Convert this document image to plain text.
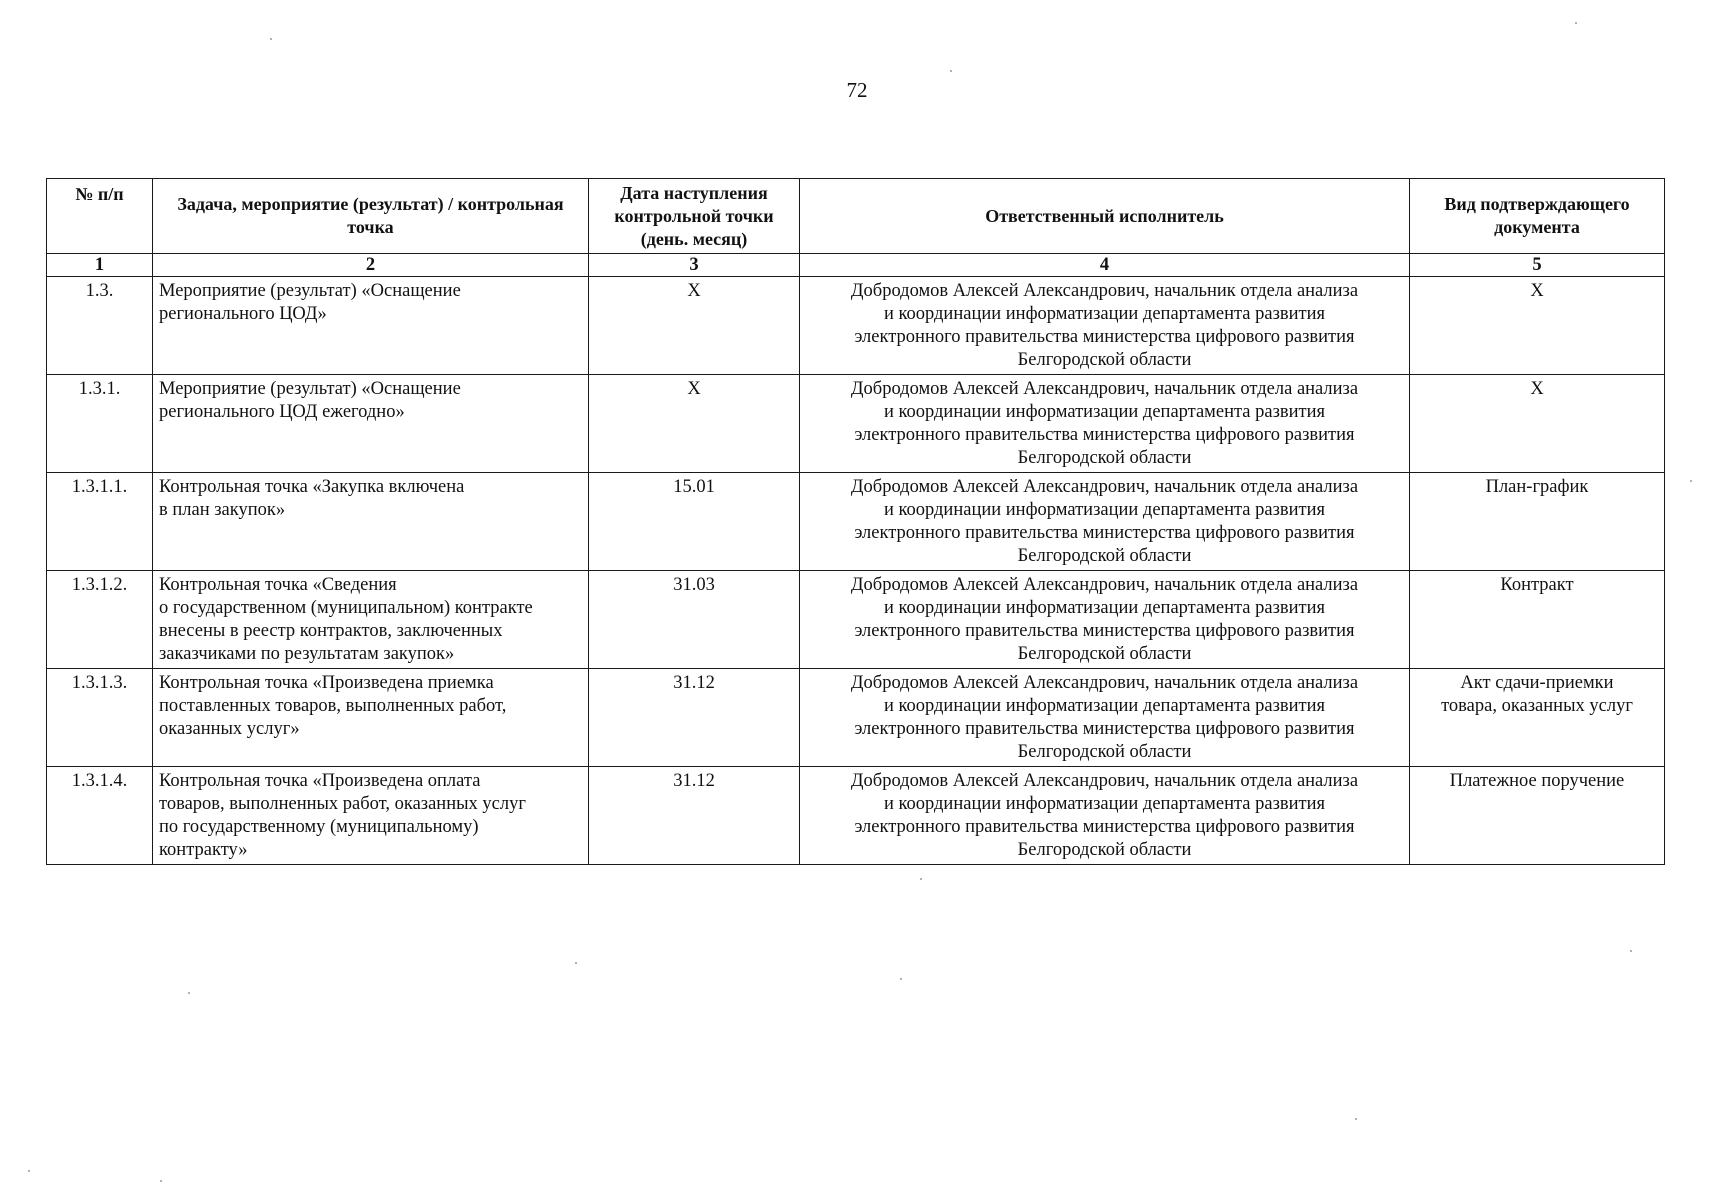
72
№ п/п	Задача, мероприятие (результат) / контрольная точка	Дата наступления контрольной точки (день. месяц)	Ответственный исполнитель	Вид подтверждающего документа
1	2	3	4	5
1.3.	Мероприятие (результат) «Оснащение
регионального ЦОД»	Х	Добродомов Алексей Александрович, начальник отдела анализа
и координации информатизации департамента развития
электронного правительства министерства цифрового развития
Белгородской области	Х

1.3.1.	Мероприятие (результат) «Оснащение
регионального ЦОД ежегодно»	Х	Добродомов Алексей Александрович, начальник отдела анализа
и координации информатизации департамента развития
электронного правительства министерства цифрового развития
Белгородской области	Х

1.3.1.1.	Контрольная точка «Закупка включена
в план закупок»	15.01	Добродомов Алексей Александрович, начальник отдела анализа
и координации информатизации департамента развития
электронного правительства министерства цифрового развития
Белгородской области	План-график

1.3.1.2.	Контрольная точка «Сведения
о государственном (муниципальном) контракте
внесены в реестр контрактов, заключенных
заказчиками по результатам закупок»	31.03	Добродомов Алексей Александрович, начальник отдела анализа
и координации информатизации департамента развития
электронного правительства министерства цифрового развития
Белгородской области	Контракт

1.3.1.3.	Контрольная точка «Произведена приемка
поставленных товаров, выполненных работ,
оказанных услуг»	31.12	Добродомов Алексей Александрович, начальник отдела анализа
и координации информатизации департамента развития
электронного правительства министерства цифрового развития
Белгородской области	Акт сдачи-приемки
товара, оказанных услуг

1.3.1.4.	Контрольная точка «Произведена оплата
товаров, выполненных работ, оказанных услуг
по государственному (муниципальному)
контракту»	31.12	Добродомов Алексей Александрович, начальник отдела анализа
и координации информатизации департамента развития
электронного правительства министерства цифрового развития
Белгородской области	Платежное поручение
